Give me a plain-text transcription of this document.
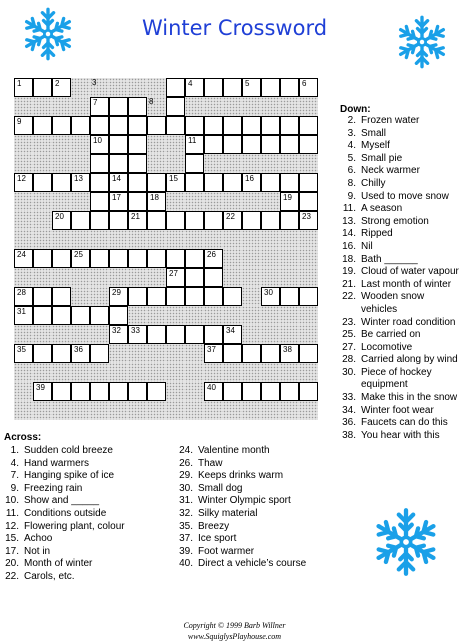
Winter Crossword
1	2	3	4	5	6
7	8
9
10	11
12	13	14	15	16
17	18	19
20	21	22	23
24	25	26
27
28	29	30
31
32 33	34
35	36	37	38
39	40
Down:
2. Frozen water
3. Small
4. Myself
5. Small pie
6. Neck warmer
8. Chilly
9. Used to move snow
11. A season
13. Strong emotion
14. Ripped
16. Nil
18. Bath ______
19. Cloud of water vapour
21. Last month of winter
22. Wooden snow
vehicles
23. Winter road condition
25. Be carried on
27. Locomotive
28. Carried along by wind
30. Piece of hockey
equipment
33. Make this in the snow
34. Winter foot wear
36. Faucets can do this
38. You hear with this
Across:
1. Sudden cold breeze
4. Hand warmers
7. Hanging spike of ice
9. Freezing rain
10. Show and _____
11. Conditions outside
12. Flowering plant, colour
15. Achoo
17. Not in
20. Month of winter
22. Carols, etc.
24. Valentine month
26. Thaw
29. Keeps drinks warm
30. Small dog
31. Winter Olympic sport
32. Silky material
35. Breezy
37. Ice sport
39. Foot warmer
40. Direct a vehicle’s course
Copyright © 1999 Barb Willner
www.SquiglysPlayhouse.com
